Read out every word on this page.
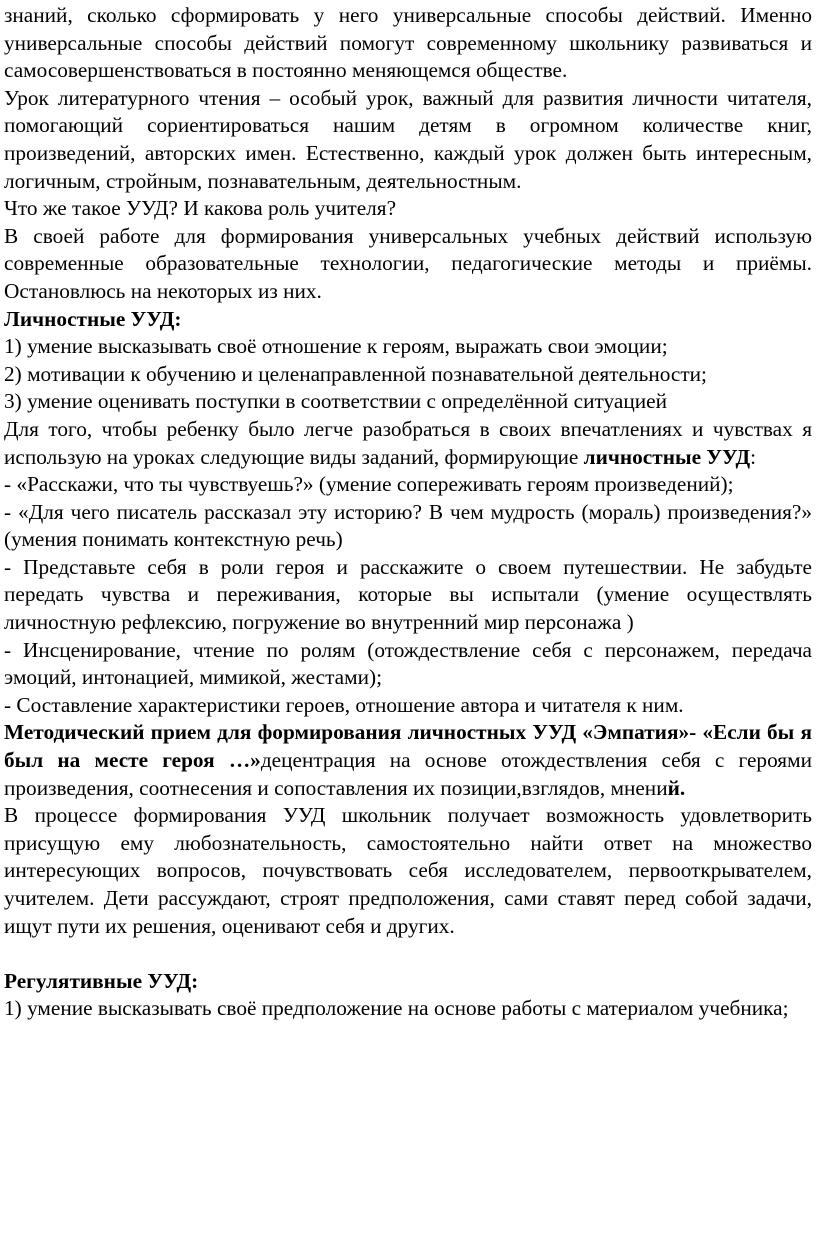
знаний, сколько сформировать у него универсальные способы действий. Именно универсальные способы действий помогут современному школьнику развиваться и самосовершенствоваться в постоянно меняющемся обществе.

Урок литературного чтения – особый урок, важный для развития личности читателя, помогающий сориентироваться нашим детям в огромном количестве книг, произведений, авторских имен. Естественно, каждый урок должен быть интересным, логичным, стройным, познавательным, деятельностным.

Что же такое УУД? И какова роль учителя?

В своей работе для формирования универсальных учебных действий использую современные образовательные технологии, педагогические методы и приёмы. Остановлюсь на некоторых из них.

Личностные УУД:

1) умение высказывать своё отношение к героям, выражать свои эмоции;

2) мотивации к обучению и целенаправленной познавательной деятельности;

3) умение оценивать поступки в соответствии с определённой ситуацией

Для того, чтобы ребенку было легче разобраться в своих впечатлениях и чувствах я использую на уроках следующие виды заданий, формирующие личностные УУД:

- «Расскажи, что ты чувствуешь?» (умение сопереживать героям произведений);

- «Для чего писатель рассказал эту историю? В чем мудрость (мораль) произведения?» (умения понимать контекстную речь)

- Представьте себя в роли героя и расскажите о своем путешествии. Не забудьте передать чувства и переживания, которые вы испытали (умение осуществлять личностную рефлексию, погружение во внутренний мир персонажа )

- Инсценирование, чтение по ролям (отождествление себя с персонажем, передача эмоций, интонацией, мимикой, жестами);

- Составление характеристики героев, отношение автора и читателя к ним.

Методический прием для формирования личностных УУД «Эмпатия»- «Если бы я был на месте героя …»децентрация на основе отождествления себя с героями произведения, соотнесения и сопоставления их позиции,взглядов, мнений.

В процессе формирования УУД школьник получает возможность удовлетворить присущую ему любознательность, самостоятельно найти ответ на множество интересующих вопросов, почувствовать себя исследователем, первооткрывателем, учителем. Дети рассуждают, строят предположения, сами ставят перед собой задачи, ищут пути их решения, оценивают себя и других.

Регулятивные УУД:

1) умение высказывать своё предположение на основе работы с материалом учебника;
